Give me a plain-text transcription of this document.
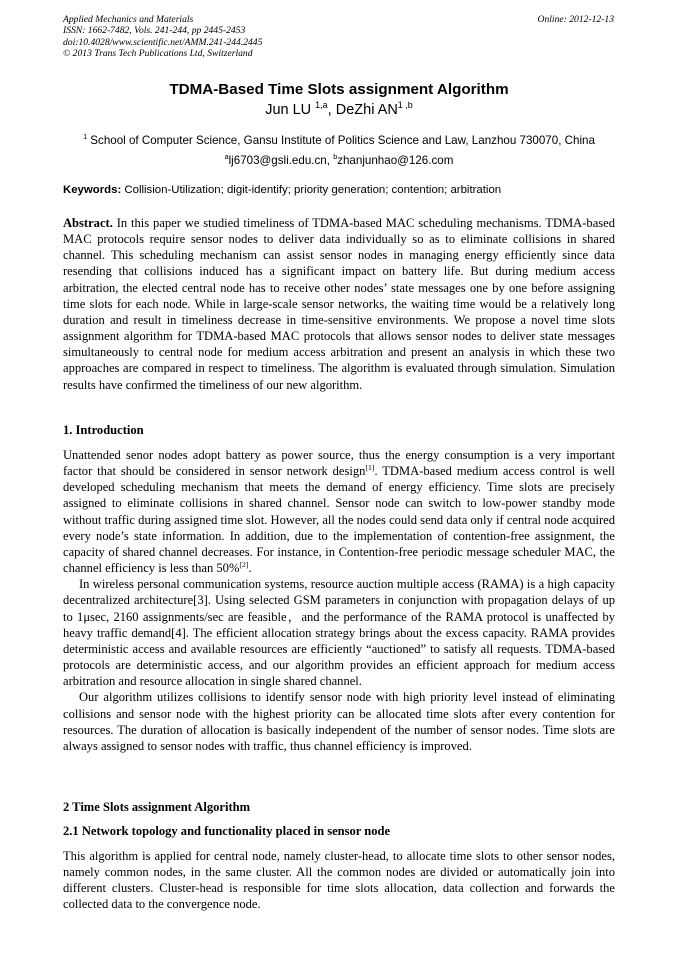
Applied Mechanics and Materials
ISSN: 1662-7482, Vols. 241-244, pp 2445-2453
doi:10.4028/www.scientific.net/AMM.241-244.2445
© 2013 Trans Tech Publications Ltd, Switzerland
Online: 2012-12-13
TDMA-Based Time Slots assignment Algorithm
Jun LU $^{1,a}$, DeZhi AN$^{1 ,b}$
$^1$ School of Computer Science, Gansu Institute of Politics Science and Law, Lanzhou 730070, China
$^a$lj6703@gsli.edu.cn, $^b$zhanjunhao@126.com
Keywords: Collision-Utilization; digit-identify; priority generation; contention; arbitration

Abstract. In this paper we studied timeliness of TDMA-based MAC scheduling mechanisms. TDMA-based MAC protocols require sensor nodes to deliver data individually so as to eliminate collisions in shared channel. This scheduling mechanism can assist sensor nodes in managing energy efficiently since data resending that collisions induced has a significant impact on battery life. But during medium access arbitration, the elected central node has to receive other nodes’ state messages one by one before assigning time slots for each node. While in large-scale sensor networks, the waiting time would be a relatively long duration and result in timeliness decrease in time-sensitive environments. We propose a novel time slots assignment algorithm for TDMA-based MAC protocols that allows sensor nodes to deliver state messages simultaneously to central node for medium access arbitration and present an analysis in which these two approaches are compared in respect to timeliness. The algorithm is evaluated through simulation. Simulation results have confirmed the timeliness of our new algorithm.

1. Introduction

Unattended senor nodes adopt battery as power source, thus the energy consumption is a very important factor that should be considered in sensor network design[1]. TDMA-based medium access control is well developed scheduling mechanism that meets the demand of energy efficiency. Time slots are precisely assigned to eliminate collisions in shared channel. Sensor node can switch to low-power standby mode without traffic during assigned time slot. However, all the nodes could send data only if central node acquired every node’s state information. In addition, due to the implementation of contention-free assignment, the capacity of shared channel decreases. For instance, in Contention-free periodic message scheduler MAC, the channel efficiency is less than 50%[2].

In wireless personal communication systems, resource auction multiple access (RAMA) is a high capacity decentralized architecture[3]. Using selected GSM parameters in conjunction with propagation delays of up to 1μsec, 2160 assignments/sec are feasible，and the performance of the RAMA protocol is unaffected by heavy traffic demand[4]. The efficient allocation strategy brings about the excess capacity. RAMA provides deterministic access and available resources are efficiently “auctioned” to satisfy all requests. TDMA-based protocols are deterministic access, and our algorithm provides an efficient approach for medium access arbitration and resource allocation in single shared channel.

Our algorithm utilizes collisions to identify sensor node with high priority level instead of eliminating collisions and sensor node with the highest priority can be allocated time slots after every contention for resources. The duration of allocation is basically independent of the number of sensor nodes. Time slots are always assigned to sensor nodes with traffic, thus channel efficiency is improved.

2 Time Slots assignment Algorithm
2.1 Network topology and functionality placed in sensor node

This algorithm is applied for central node, namely cluster-head, to allocate time slots to other sensor nodes, namely common nodes, in the same cluster. All the common nodes are divided or automatically join into different clusters. Cluster-head is responsible for time slots allocation, data collection and forwards the collected data to the convergence node.
